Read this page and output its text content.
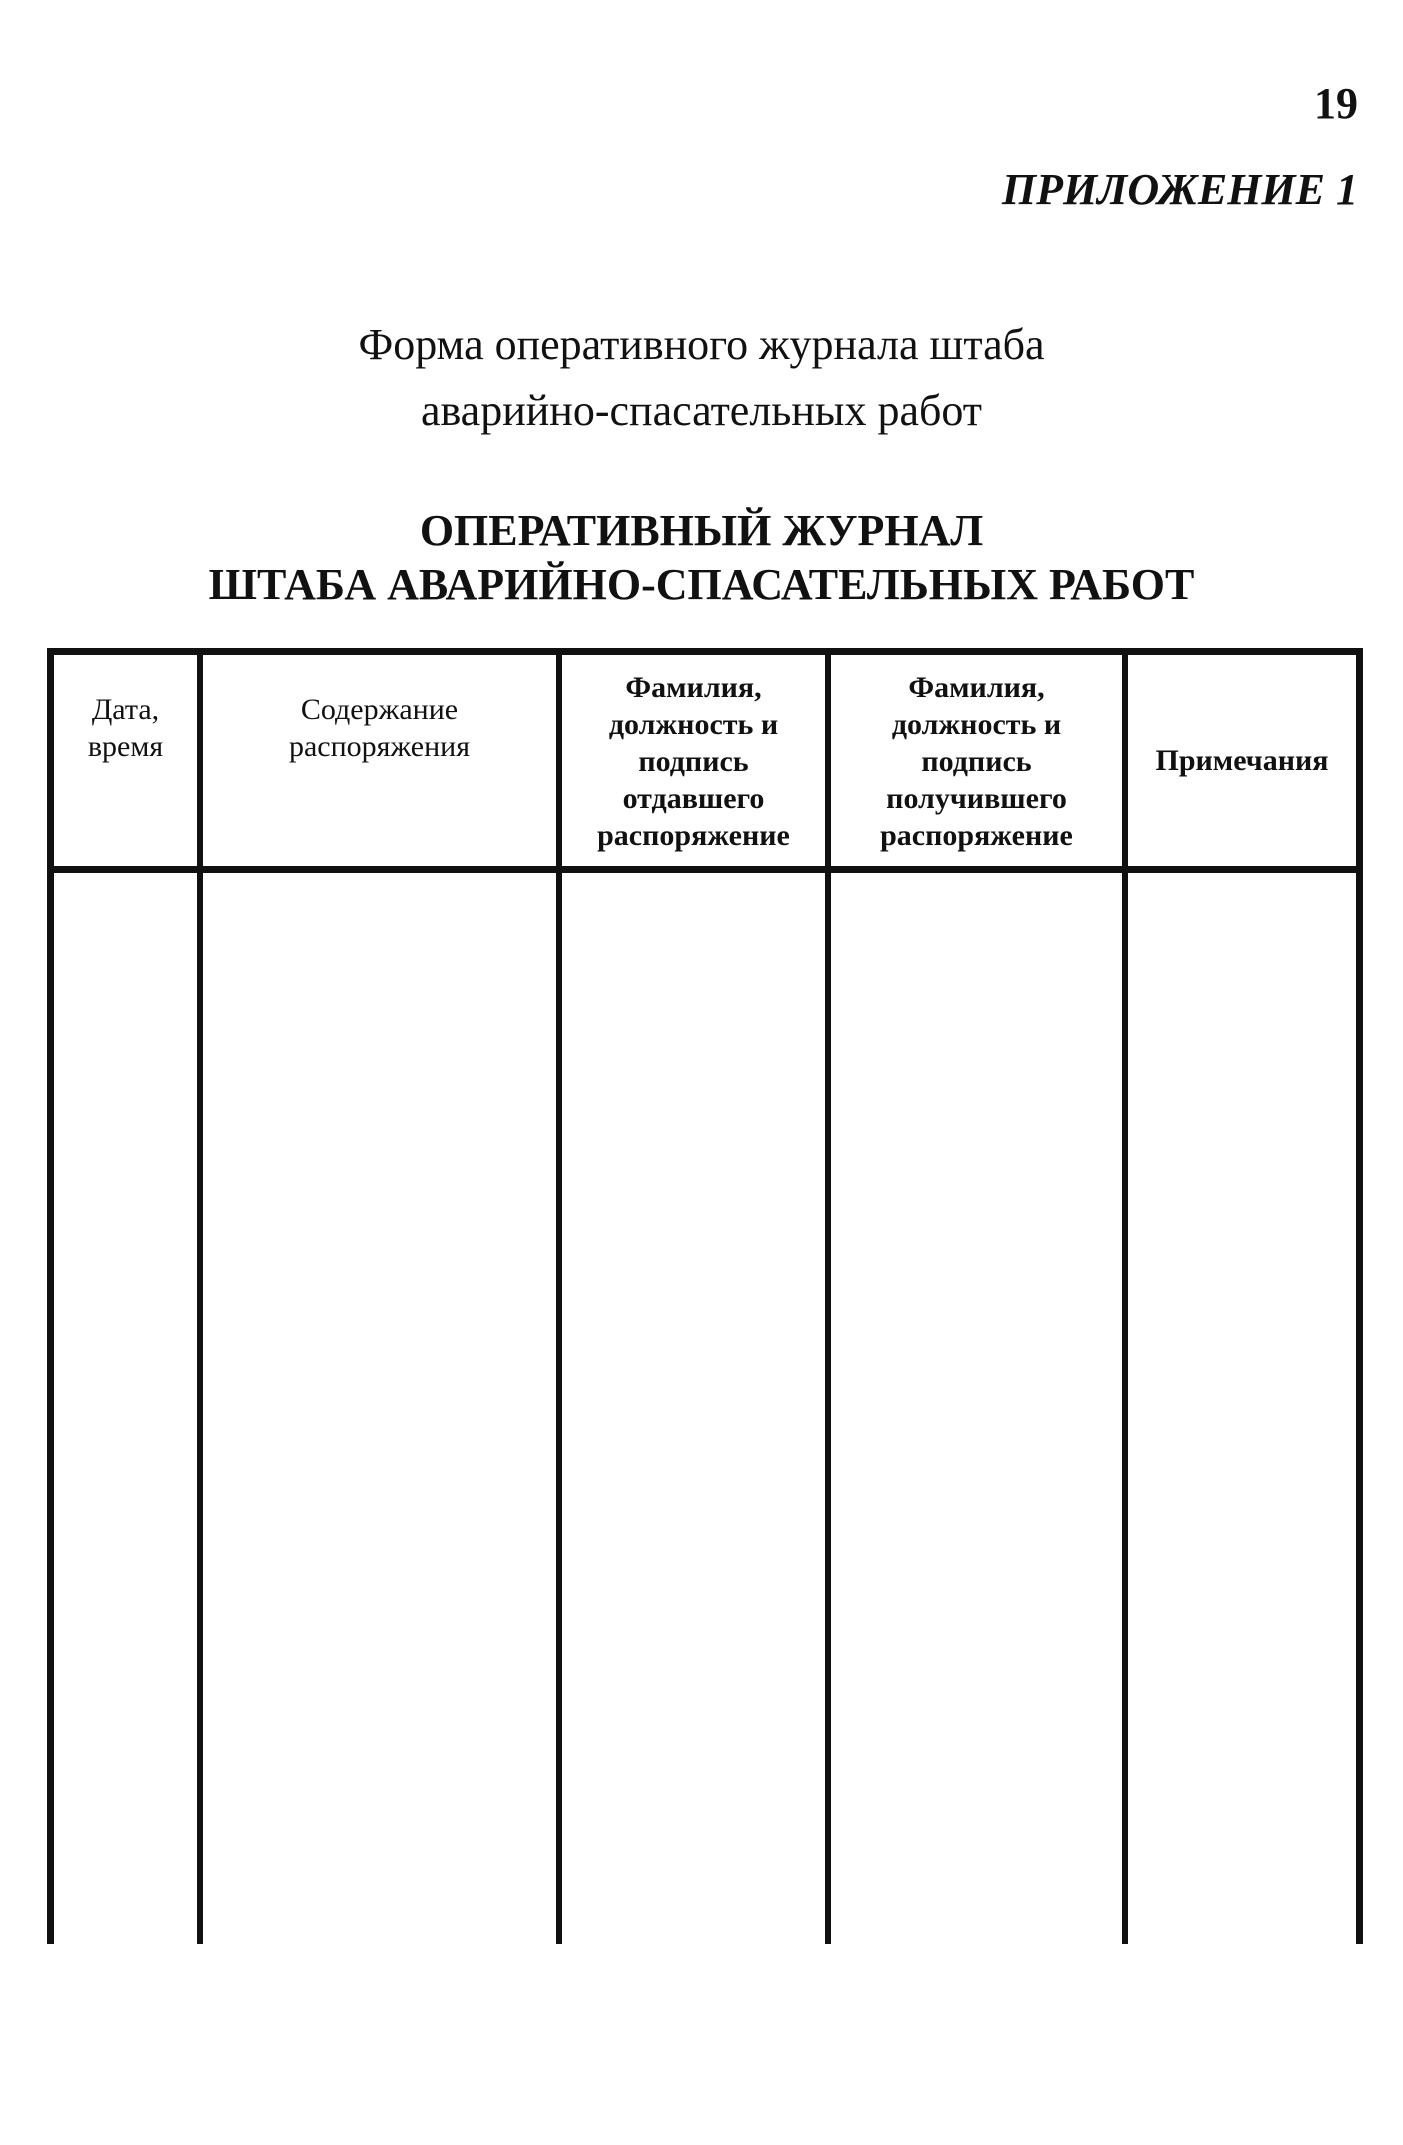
19
ПРИЛОЖЕНИЕ 1
Форма оперативного журнала штаба
аварийно-спасательных работ
ОПЕРАТИВНЫЙ ЖУРНАЛ
ШТАБА АВАРИЙНО-СПАСАТЕЛЬНЫХ РАБОТ
Дата, время
Содержание распоряжения
Фамилия, должность и подпись отдавшего распоряжение
Фамилия, должность и подпись получившего распоряжение
Примечания
